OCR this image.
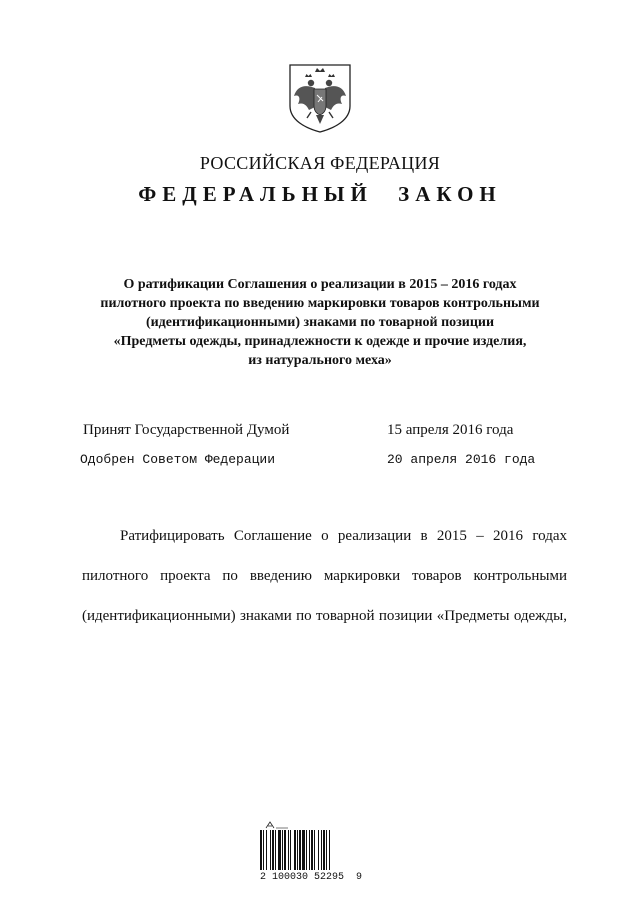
РОССИЙСКАЯ ФЕДЕРАЦИЯ
ФЕДЕРАЛЬНЫЙ ЗАКОН
О ратификации Соглашения о реализации в 2015 – 2016 годах
пилотного проекта по введению маркировки товаров контрольными
(идентификационными) знаками по товарной позиции
«Предметы одежды, принадлежности к одежде и прочие изделия,
из натурального меха»
Принят Государственной Думой	15 апреля 2016 года
Одобрен Советом Федерации	20 апреля 2016 года
Ратифицировать Соглашение о реализации в 2015 – 2016 годах
пилотного проекта по введению маркировки товаров контрольными
(идентификационными) знаками по товарной позиции «Предметы одежды,
2 100030 52295  9
